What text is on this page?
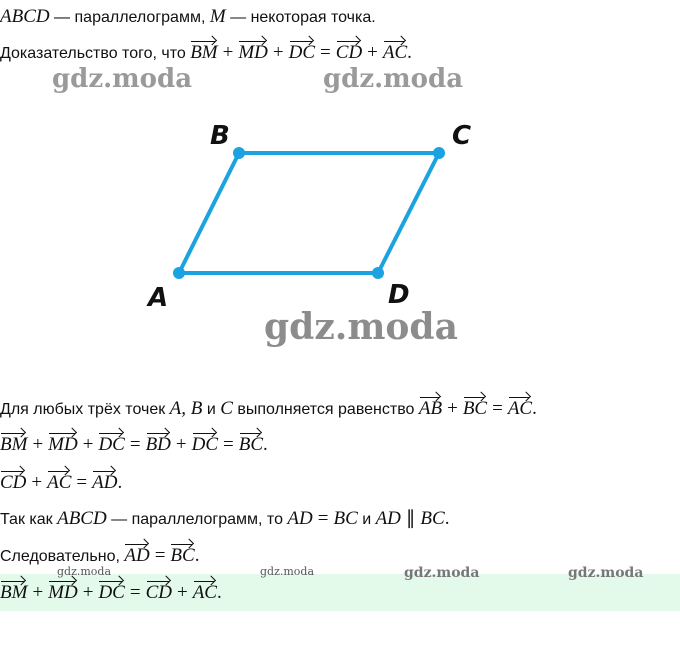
ABCD — параллелограмм, M — некоторая точка.
Доказательство того, что BM + MD + DC = CD + AC.
gdz.moda	gdz.moda
A
B	C
D
gdz.moda
Для любых трёх точек A, B и C выполняется равенство AB + BC = AC.
BM + MD + DC = BD + DC = BC.
CD + AC = AD.
Так как ABCD — параллелограмм, то AD = BC и AD ∥ BC.
Следовательно, AD = BC.
gdz.moda	gdz.moda	gdz.moda	gdz.moda
BM + MD + DC = CD + AC.
